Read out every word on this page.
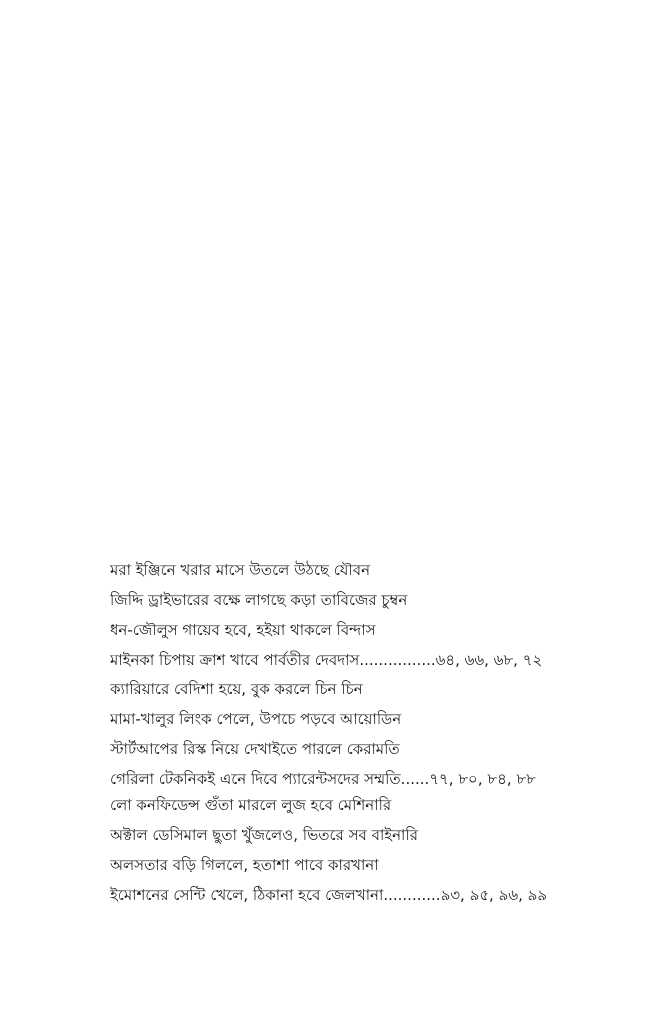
মরা ইঞ্জিনে খরার মাসে উতলে উঠছে যৌবন
জিদ্দি ড্রাইভারের বক্ষে লাগছে কড়া তাবিজের চুম্বন
ধন-জৌলুস গায়েব হবে, হইয়া থাকলে বিন্দাস
মাইনকা চিপায় ক্রাশ খাবে পার্বতীর দেবদাস................৬৪, ৬৬, ৬৮, ৭২
ক্যারিয়ারে বেদিশা হয়ে, বুক করলে চিন চিন
মামা-খালুর লিংক পেলে, উপচে পড়বে আয়োডিন
স্টার্টআপের রিস্ক নিয়ে দেখাইতে পারলে কেরামতি
গেরিলা টেকনিকই এনে দিবে প্যারেন্টসদের সম্মতি......৭৭, ৮০, ৮৪, ৮৮
লো কনফিডেন্স গুঁতা মারলে লুজ হবে মেশিনারি
অক্টাল ডেসিমাল ছুতা খুঁজলেও, ভিতরে সব বাইনারি
অলসতার বড়ি গিললে, হতাশা পাবে কারখানা
ইমোশনের সেন্টি খেলে, ঠিকানা হবে জেলখানা............৯৩, ৯৫, ৯৬, ৯৯
